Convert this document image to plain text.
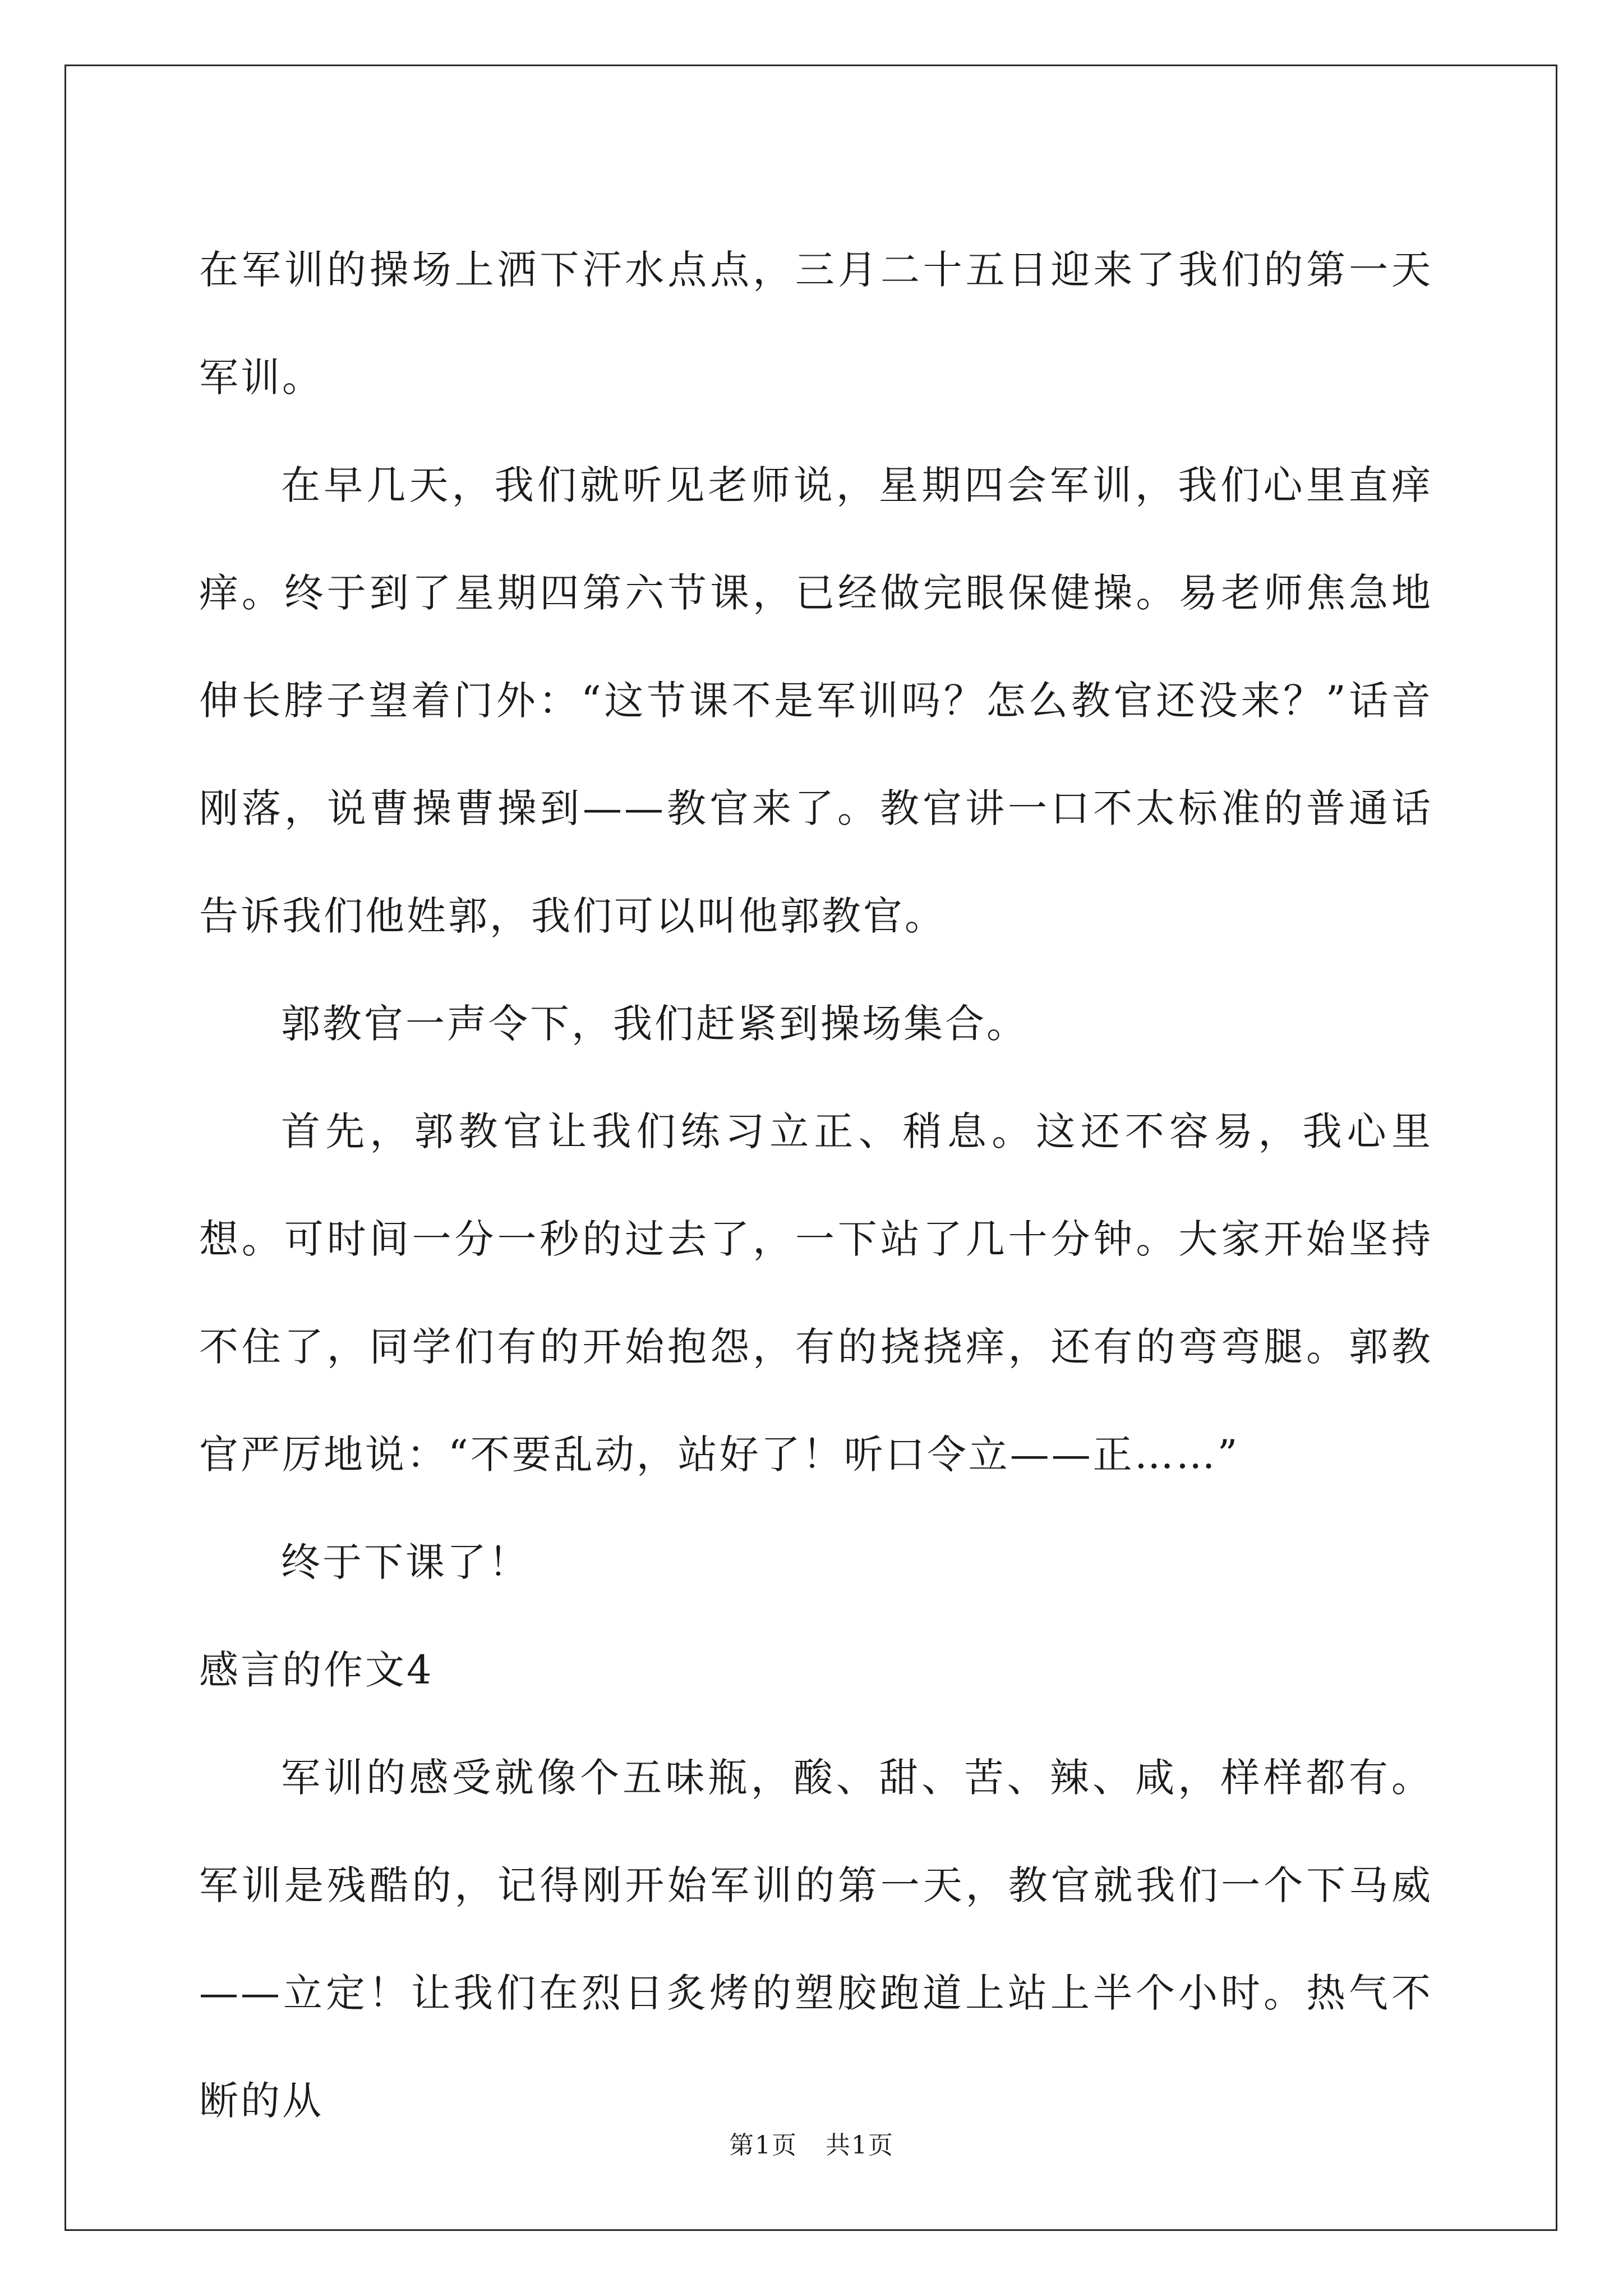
在军训的操场上洒下汗水点点，三月二十五日迎来了我们的第一天军训。

在早几天，我们就听见老师说，星期四会军训，我们心里直痒痒。终于到了星期四第六节课，已经做完眼保健操。易老师焦急地伸长脖子望着门外：“这节课不是军训吗？怎么教官还没来？”话音刚落，说曹操曹操到——教官来了。教官讲一口不太标准的普通话告诉我们他姓郭，我们可以叫他郭教官。

郭教官一声令下，我们赶紧到操场集合。

首先，郭教官让我们练习立正、稍息。这还不容易，我心里想。可时间一分一秒的过去了，一下站了几十分钟。大家开始坚持不住了，同学们有的开始抱怨，有的挠挠痒，还有的弯弯腿。郭教官严厉地说：“不要乱动，站好了！听口令立——正……”

终于下课了！

感言的作文4

军训的感受就像个五味瓶，酸、甜、苦、辣、咸，样样都有。军训是残酷的，记得刚开始军训的第一天，教官就我们一个下马威——立定！让我们在烈日炙烤的塑胶跑道上站上半个小时。热气不断的从

第1页 共1页
